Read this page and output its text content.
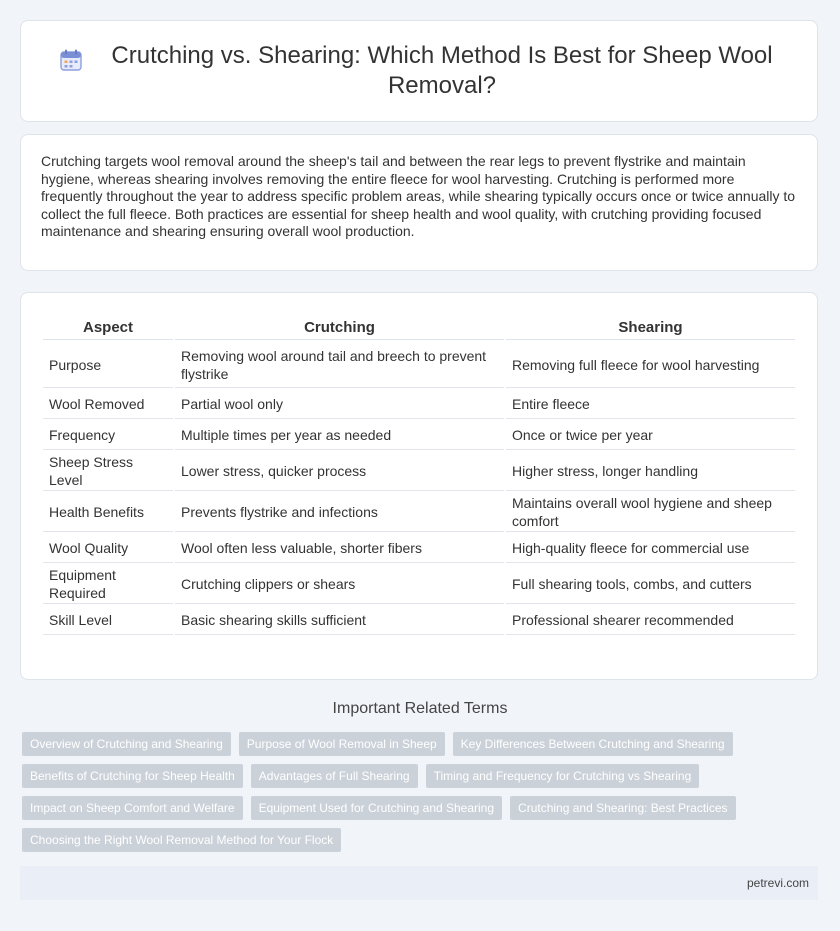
Crutching vs. Shearing: Which Method Is Best for Sheep Wool Removal?

Crutching targets wool removal around the sheep's tail and between the rear legs to prevent flystrike and maintain hygiene, whereas shearing involves removing the entire fleece for wool harvesting. Crutching is performed more frequently throughout the year to address specific problem areas, while shearing typically occurs once or twice annually to collect the full fleece. Both practices are essential for sheep health and wool quality, with crutching providing focused maintenance and shearing ensuring overall wool production.

Aspect	Crutching	Shearing
Purpose	Removing wool around tail and breech to prevent flystrike	Removing full fleece for wool harvesting
Wool Removed	Partial wool only	Entire fleece
Frequency	Multiple times per year as needed	Once or twice per year
Sheep Stress Level	Lower stress, quicker process	Higher stress, longer handling
Health Benefits	Prevents flystrike and infections	Maintains overall wool hygiene and sheep comfort
Wool Quality	Wool often less valuable, shorter fibers	High-quality fleece for commercial use
Equipment Required	Crutching clippers or shears	Full shearing tools, combs, and cutters
Skill Level	Basic shearing skills sufficient	Professional shearer recommended
Important Related Terms
Overview of Crutching and Shearing	Purpose of Wool Removal in Sheep	Key Differences Between Crutching and Shearing
Benefits of Crutching for Sheep Health	Advantages of Full Shearing	Timing and Frequency for Crutching vs Shearing
Impact on Sheep Comfort and Welfare	Equipment Used for Crutching and Shearing	Crutching and Shearing: Best Practices
Choosing the Right Wool Removal Method for Your Flock
petrevi.com
